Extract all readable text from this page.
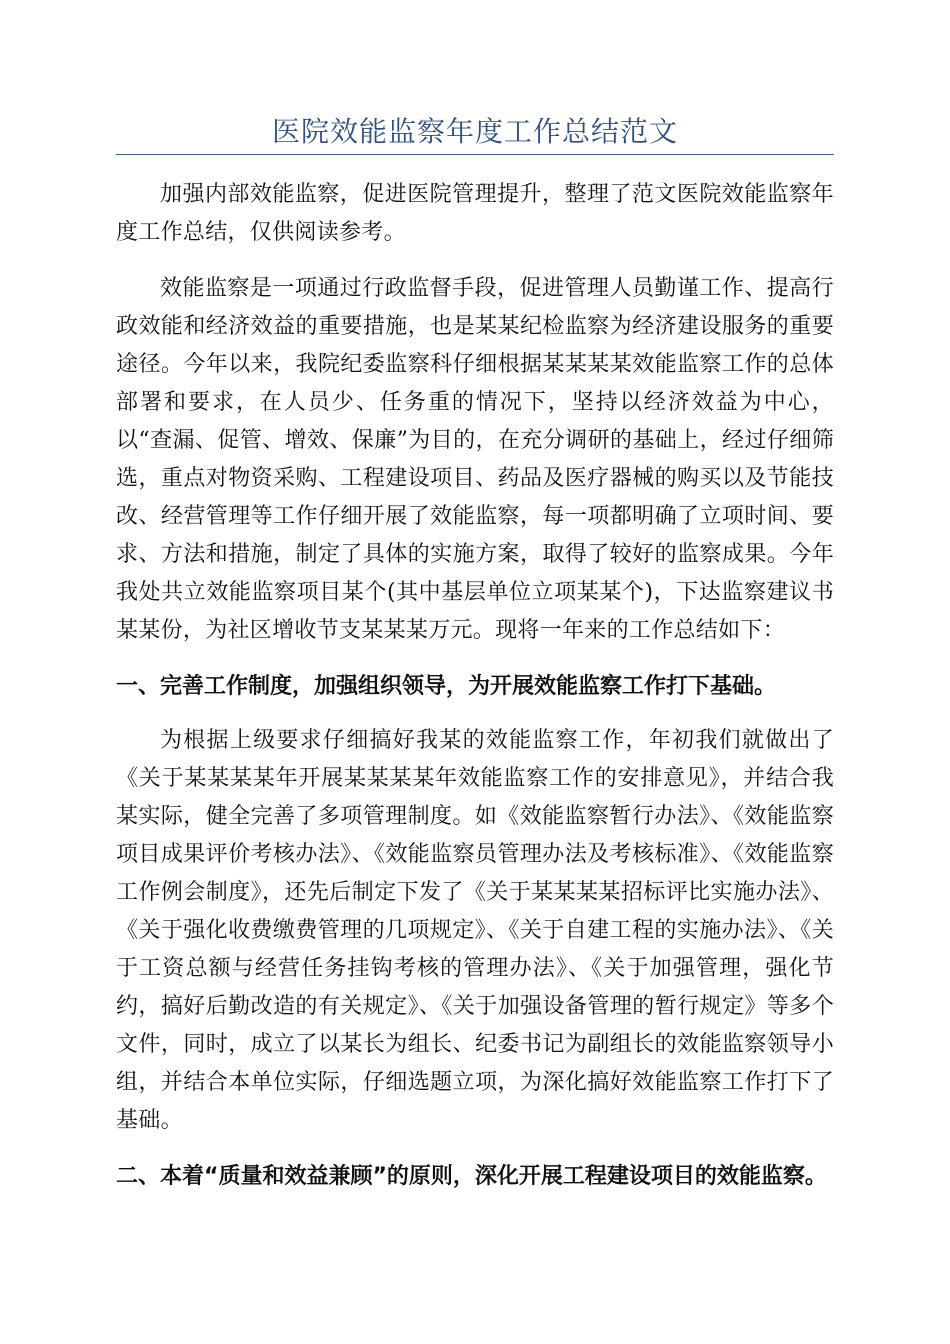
医院效能监察年度工作总结范文

加强内部效能监察，促进医院管理提升，整理了范文医院效能监察年度工作总结，仅供阅读参考。

效能监察是一项通过行政监督手段，促进管理人员勤谨工作、提高行政效能和经济效益的重要措施，也是某某纪检监察为经济建设服务的重要途径。今年以来，我院纪委监察科仔细根据某某某某效能监察工作的总体部署和要求，在人员少、任务重的情况下，坚持以经济效益为中心，以“查漏、促管、增效、保廉”为目的，在充分调研的基础上，经过仔细筛选，重点对物资采购、工程建设项目、药品及医疗器械的购买以及节能技改、经营管理等工作仔细开展了效能监察，每一项都明确了立项时间、要求、方法和措施，制定了具体的实施方案，取得了较好的监察成果。今年我处共立效能监察项目某个(其中基层单位立项某某个)，下达监察建议书某某份，为社区增收节支某某某万元。现将一年来的工作总结如下：

一、完善工作制度，加强组织领导，为开展效能监察工作打下基础。

为根据上级要求仔细搞好我某的效能监察工作，年初我们就做出了《关于某某某某年开展某某某某年效能监察工作的安排意见》，并结合我某实际，健全完善了多项管理制度。如《效能监察暂行办法》、《效能监察项目成果评价考核办法》、《效能监察员管理办法及考核标准》、《效能监察工作例会制度》，还先后制定下发了《关于某某某某招标评比实施办法》、《关于强化收费缴费管理的几项规定》、《关于自建工程的实施办法》、《关于工资总额与经营任务挂钩考核的管理办法》、《关于加强管理，强化节约，搞好后勤改造的有关规定》、《关于加强设备管理的暂行规定》等多个文件，同时，成立了以某长为组长、纪委书记为副组长的效能监察领导小组，并结合本单位实际，仔细选题立项，为深化搞好效能监察工作打下了基础。

二、本着“质量和效益兼顾”的原则，深化开展工程建设项目的效能监察。
